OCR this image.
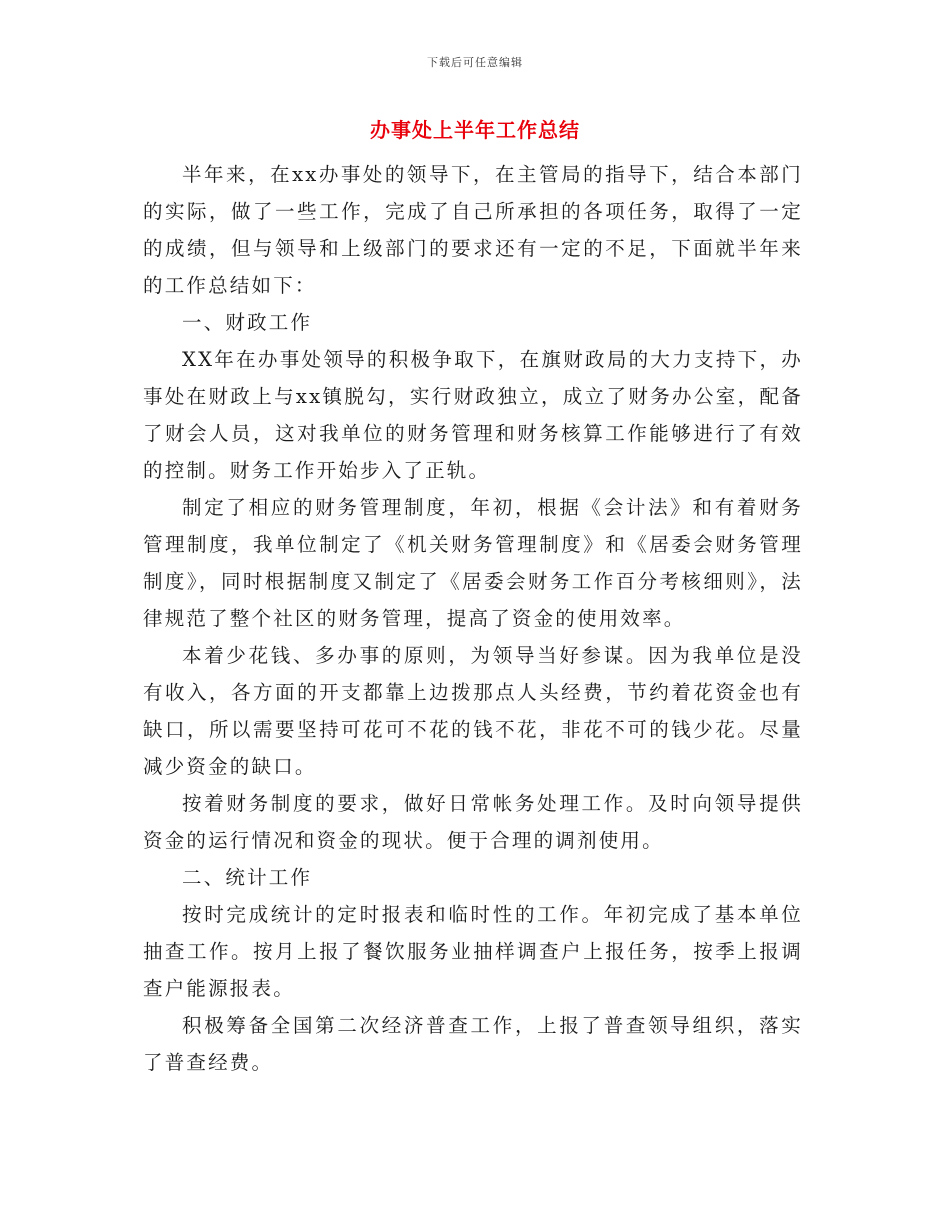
下载后可任意编辑
办事处上半年工作总结

半年来，在xx办事处的领导下，在主管局的指导下，结合本部门的实际，做了一些工作，完成了自己所承担的各项任务，取得了一定的成绩，但与领导和上级部门的要求还有一定的不足，下面就半年来的工作总结如下：

一、财政工作

XX年在办事处领导的积极争取下，在旗财政局的大力支持下，办事处在财政上与xx镇脱勾，实行财政独立，成立了财务办公室，配备了财会人员，这对我单位的财务管理和财务核算工作能够进行了有效的控制。财务工作开始步入了正轨。

制定了相应的财务管理制度，年初，根据《会计法》和有着财务管理制度，我单位制定了《机关财务管理制度》和《居委会财务管理制度》，同时根据制度又制定了《居委会财务工作百分考核细则》，法律规范了整个社区的财务管理，提高了资金的使用效率。

本着少花钱、多办事的原则，为领导当好参谋。因为我单位是没有收入，各方面的开支都靠上边拨那点人头经费，节约着花资金也有缺口，所以需要坚持可花可不花的钱不花，非花不可的钱少花。尽量减少资金的缺口。

按着财务制度的要求，做好日常帐务处理工作。及时向领导提供资金的运行情况和资金的现状。便于合理的调剂使用。

二、统计工作

按时完成统计的定时报表和临时性的工作。年初完成了基本单位抽查工作。按月上报了餐饮服务业抽样调查户上报任务，按季上报调查户能源报表。

积极筹备全国第二次经济普查工作，上报了普查领导组织，落实了普查经费。
